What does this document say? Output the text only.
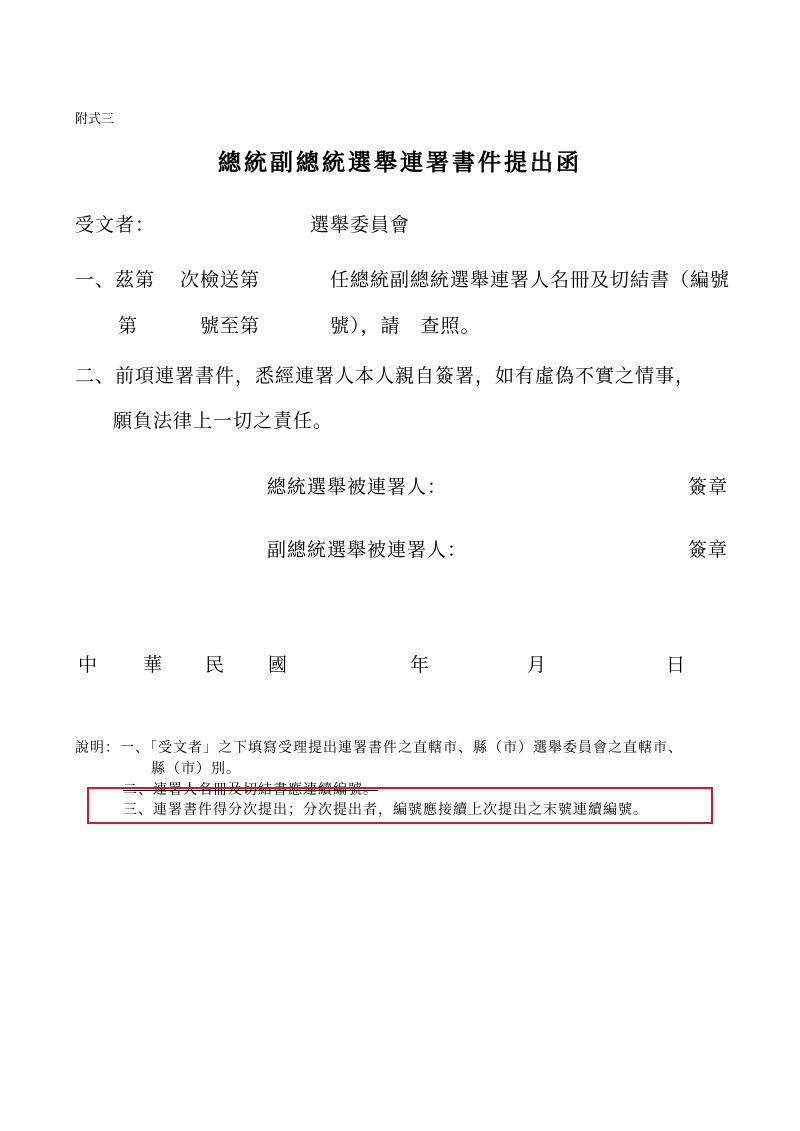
附式三
總統副總統選舉連署書件提出函
受文者：	選舉委員會
一、茲第 次檢送第	任總統副總統選舉連署人名冊及切結書（編號
第	號至第	號），請　查照。
二、前項連署書件，悉經連署人本人親自簽署，如有虛偽不實之情事，
願負法律上一切之責任。
總統選舉被連署人：	簽章
副總統選舉被連署人：	簽章
中 華 民 國	年	月	日
說明：一、「受文者」之下填寫受理提出連署書件之直轄市、縣（市）選舉委員會之直轄市、
縣（市）別。
二、連署人名冊及切結書應連續編號。
三、連署書件得分次提出；分次提出者，編號應接續上次提出之末號連續編號。
